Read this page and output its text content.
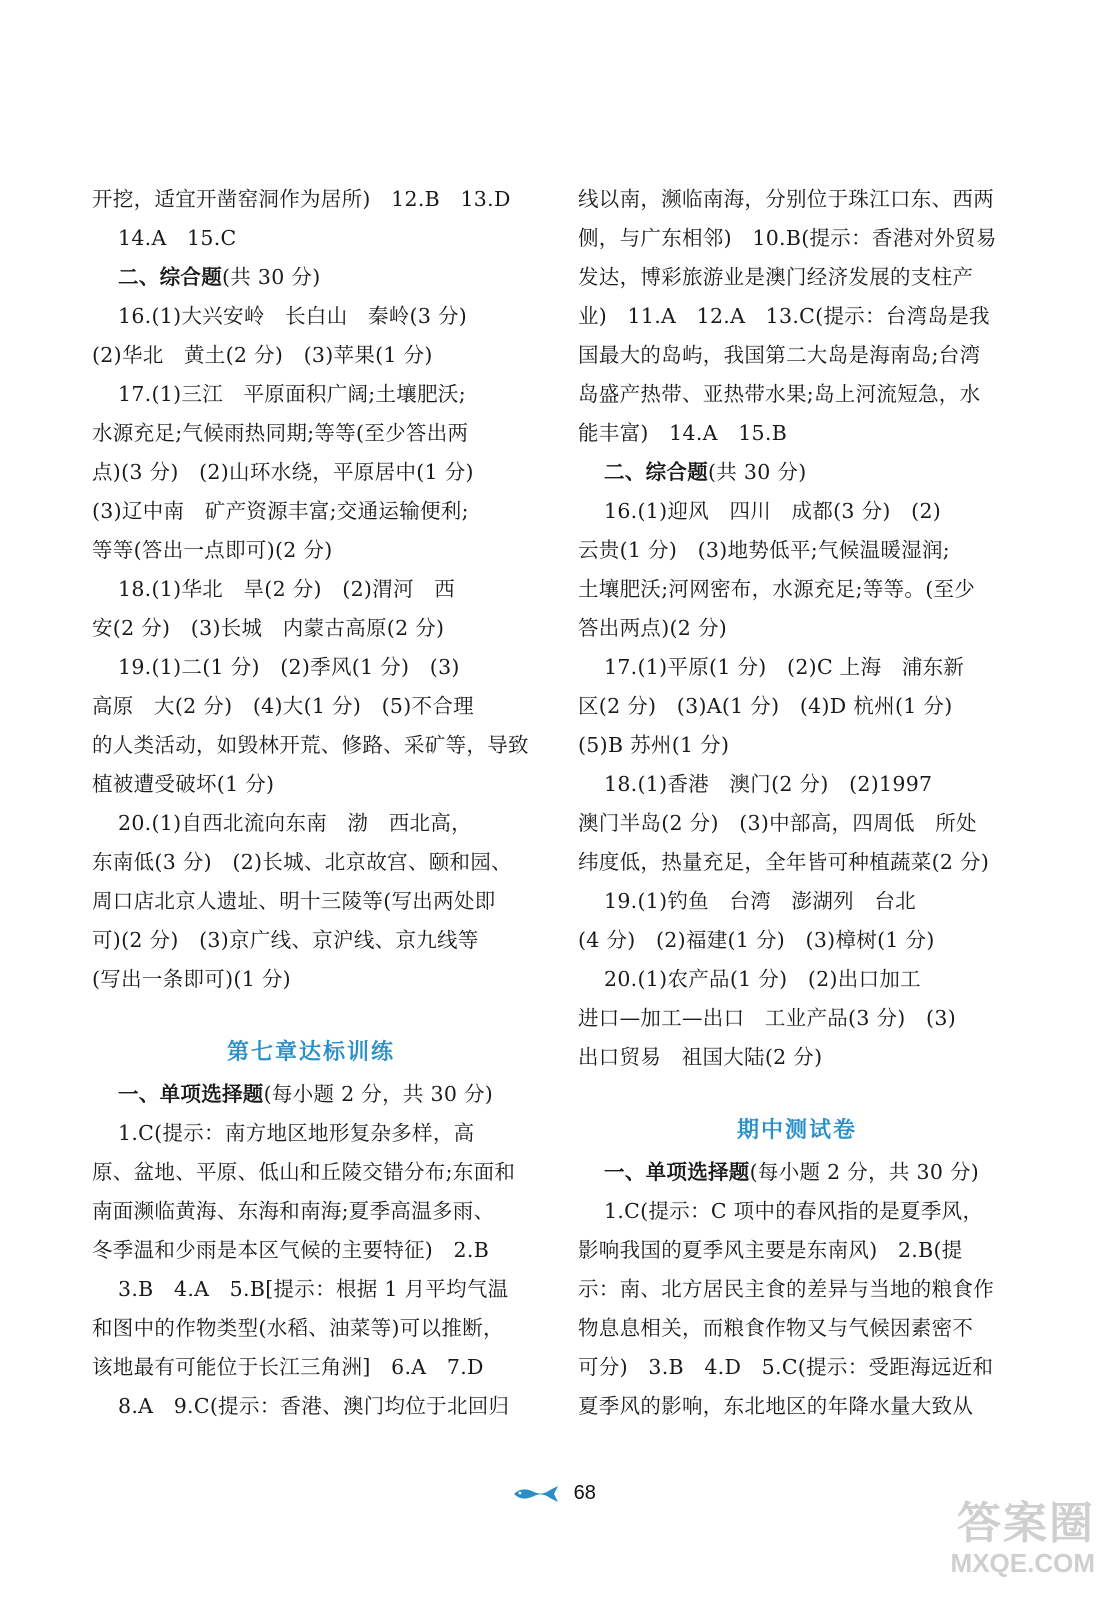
开挖，适宜开凿窑洞作为居所)   12.B   13.D
14.A   15.C
二、综合题(共 30 分)
16.(1)大兴安岭   长白山   秦岭(3 分)
(2)华北   黄土(2 分)   (3)苹果(1 分)
17.(1)三江   平原面积广阔;土壤肥沃;
水源充足;气候雨热同期;等等(至少答出两
点)(3 分)   (2)山环水绕，平原居中(1 分)
(3)辽中南   矿产资源丰富;交通运输便利;
等等(答出一点即可)(2 分)
18.(1)华北   旱(2 分)   (2)渭河   西
安(2 分)   (3)长城   内蒙古高原(2 分)
19.(1)二(1 分)   (2)季风(1 分)   (3)
高原   大(2 分)   (4)大(1 分)   (5)不合理
的人类活动，如毁林开荒、修路、采矿等，导致
植被遭受破坏(1 分)
20.(1)自西北流向东南   渤   西北高，
东南低(3 分)   (2)长城、北京故宫、颐和园、
周口店北京人遗址、明十三陵等(写出两处即
可)(2 分)   (3)京广线、京沪线、京九线等
(写出一条即可)(1 分)
第七章达标训练
一、单项选择题(每小题 2 分，共 30 分)
1.C(提示：南方地区地形复杂多样，高
原、盆地、平原、低山和丘陵交错分布;东面和
南面濒临黄海、东海和南海;夏季高温多雨、
冬季温和少雨是本区气候的主要特征)   2.B
3.B   4.A   5.B[提示：根据 1 月平均气温
和图中的作物类型(水稻、油菜等)可以推断，
该地最有可能位于长江三角洲]   6.A   7.D
8.A   9.C(提示：香港、澳门均位于北回归
线以南，濒临南海，分别位于珠江口东、西两
侧，与广东相邻)   10.B(提示：香港对外贸易
发达，博彩旅游业是澳门经济发展的支柱产
业)   11.A   12.A   13.C(提示：台湾岛是我
国最大的岛屿，我国第二大岛是海南岛;台湾
岛盛产热带、亚热带水果;岛上河流短急，水
能丰富)   14.A   15.B
二、综合题(共 30 分)
16.(1)迎风   四川   成都(3 分)   (2)
云贵(1 分)   (3)地势低平;气候温暖湿润;
土壤肥沃;河网密布，水源充足;等等。(至少
答出两点)(2 分)
17.(1)平原(1 分)   (2)C 上海   浦东新
区(2 分)   (3)A(1 分)   (4)D 杭州(1 分)
(5)B 苏州(1 分)
18.(1)香港   澳门(2 分)   (2)1997
澳门半岛(2 分)   (3)中部高，四周低   所处
纬度低，热量充足，全年皆可种植蔬菜(2 分)
19.(1)钓鱼   台湾   澎湖列   台北
(4 分)   (2)福建(1 分)   (3)樟树(1 分)
20.(1)农产品(1 分)   (2)出口加工
进口—加工—出口   工业产品(3 分)   (3)
出口贸易   祖国大陆(2 分)
期中测试卷
一、单项选择题(每小题 2 分，共 30 分)
1.C(提示：C 项中的春风指的是夏季风，
影响我国的夏季风主要是东南风)   2.B(提
示：南、北方居民主食的差异与当地的粮食作
物息息相关，而粮食作物又与气候因素密不
可分)   3.B   4.D   5.C(提示：受距海远近和
夏季风的影响，东北地区的年降水量大致从
68
答案圈
MXQE.COM
